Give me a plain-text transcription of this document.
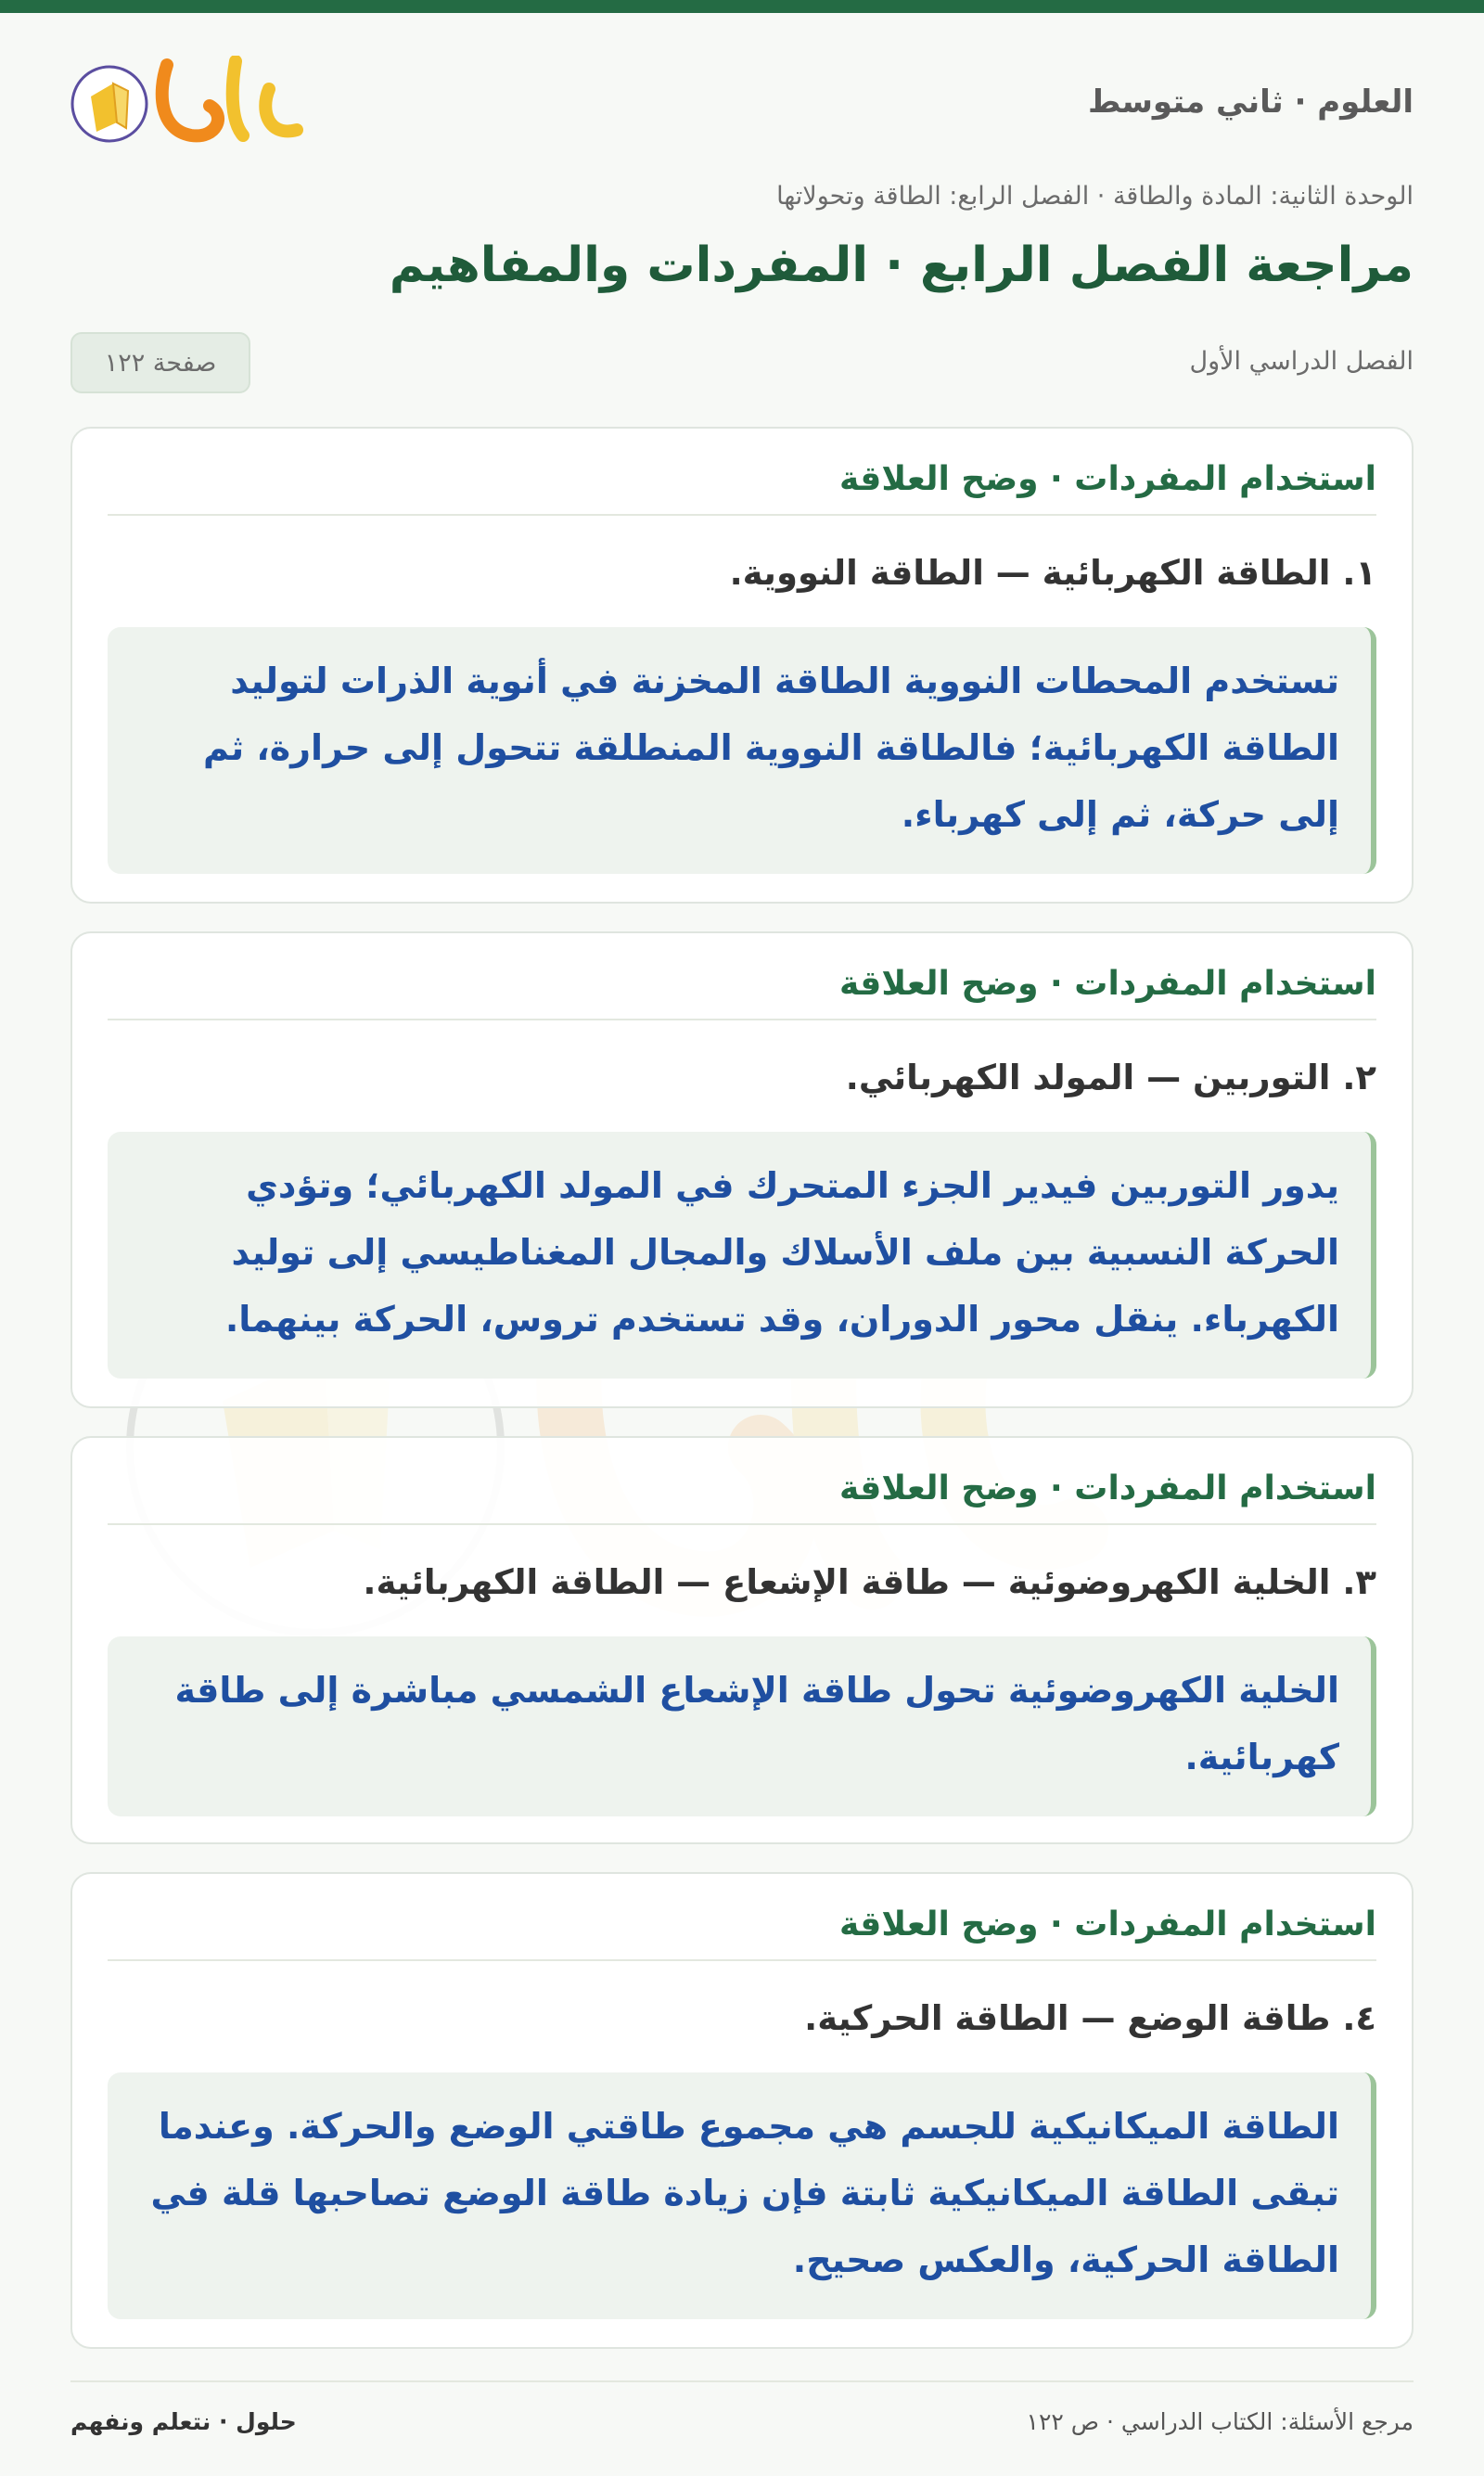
العلوم · ثاني متوسط
الوحدة الثانية: المادة والطاقة · الفصل الرابع: الطاقة وتحولاتها
مراجعة الفصل الرابع · المفردات والمفاهيم
الفصل الدراسي الأول
صفحة ١٢٢
استخدام المفردات · وضح العلاقة
١. الطاقة الكهربائية — الطاقة النووية.
تستخدم المحطات النووية الطاقة المخزنة في أنوية الذرات لتوليد الطاقة الكهربائية؛ فالطاقة النووية المنطلقة تتحول إلى حرارة، ثم إلى حركة، ثم إلى كهرباء.
استخدام المفردات · وضح العلاقة
٢. التوربين — المولد الكهربائي.
يدور التوربين فيدير الجزء المتحرك في المولد الكهربائي؛ وتؤدي الحركة النسبية بين ملف الأسلاك والمجال المغناطيسي إلى توليد الكهرباء. ينقل محور الدوران، وقد تستخدم تروس، الحركة بينهما.
استخدام المفردات · وضح العلاقة
٣. الخلية الكهروضوئية — طاقة الإشعاع — الطاقة الكهربائية.
الخلية الكهروضوئية تحول طاقة الإشعاع الشمسي مباشرة إلى طاقة كهربائية.
استخدام المفردات · وضح العلاقة
٤. طاقة الوضع — الطاقة الحركية.
الطاقة الميكانيكية للجسم هي مجموع طاقتي الوضع والحركة. وعندما تبقى الطاقة الميكانيكية ثابتة فإن زيادة طاقة الوضع تصاحبها قلة في الطاقة الحركية، والعكس صحيح.
مرجع الأسئلة: الكتاب الدراسي · ص ١٢٢
حلول · نتعلم ونفهم
